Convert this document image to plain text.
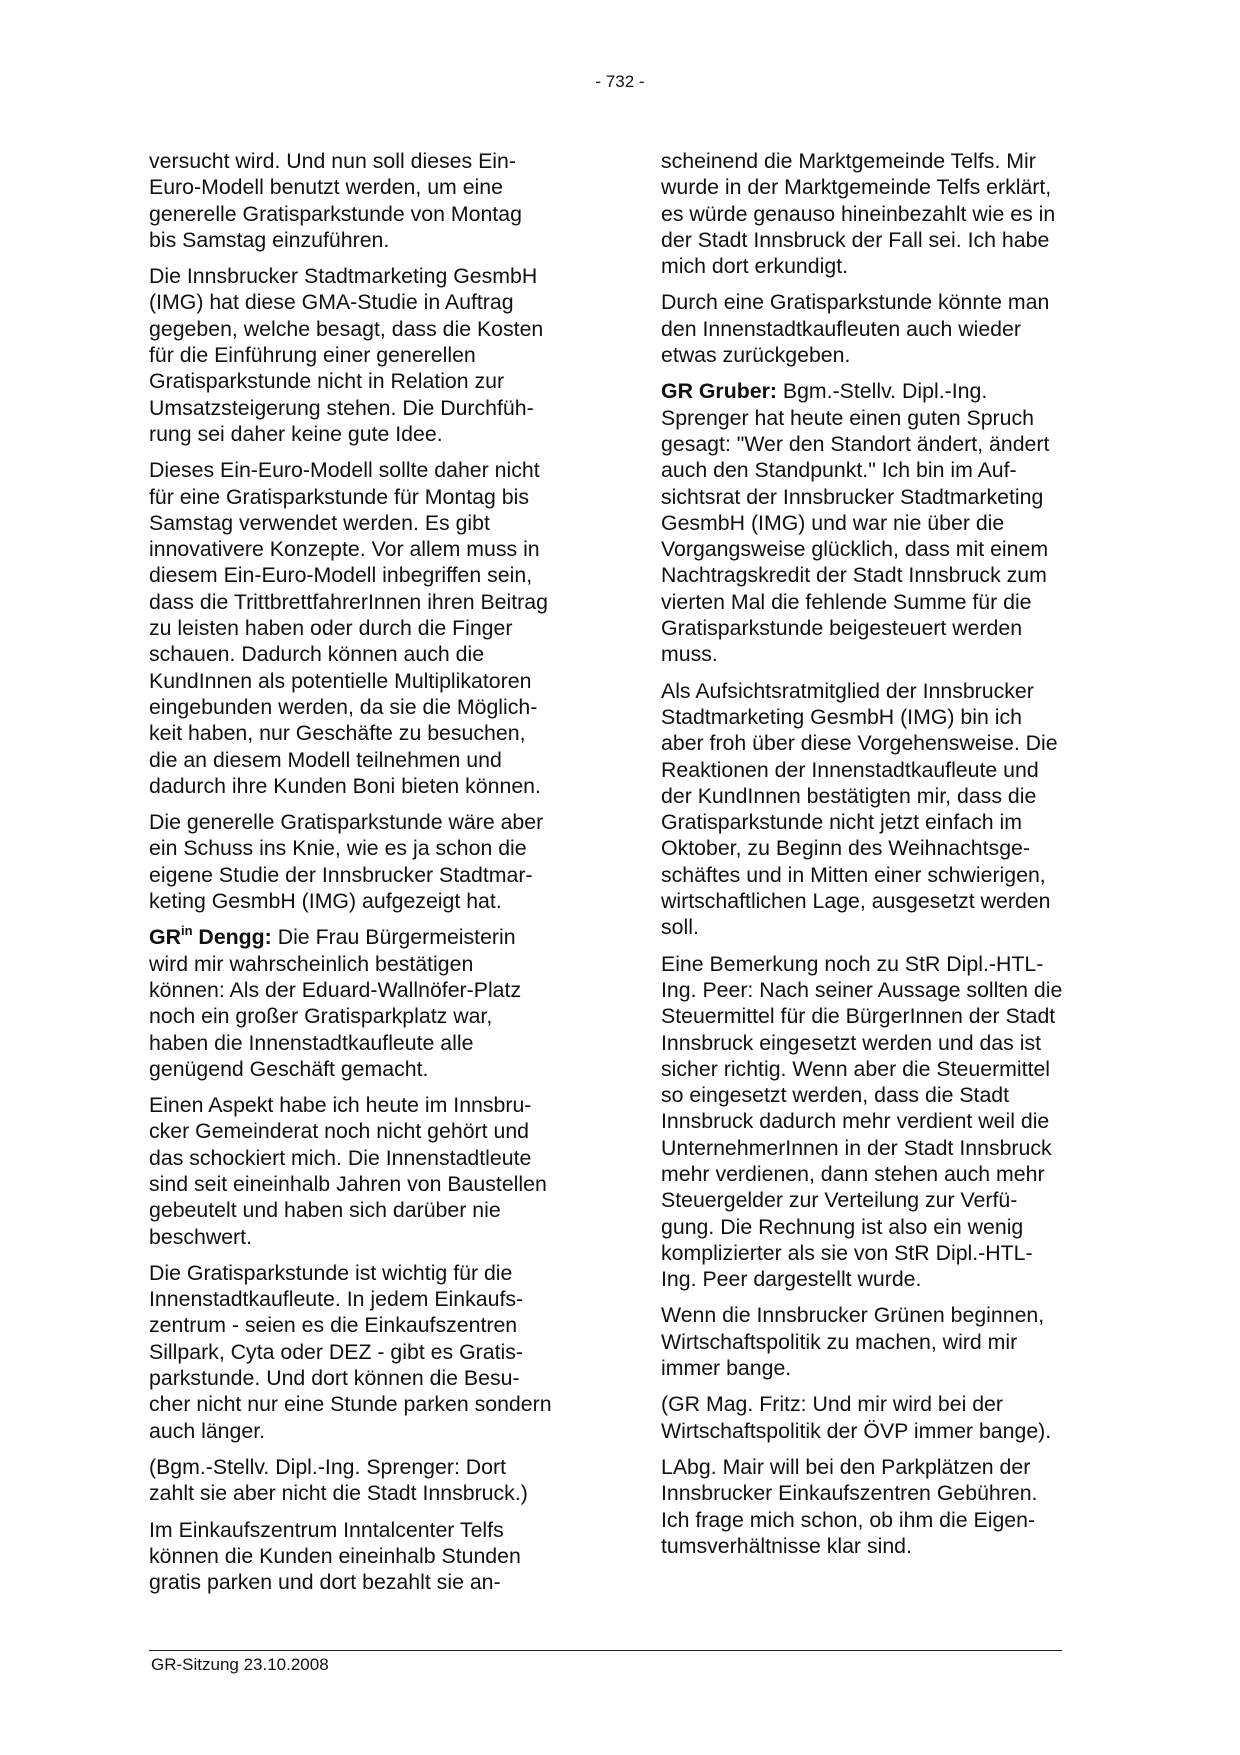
- 732 -

versucht wird. Und nun soll dieses Ein-
Euro-Modell benutzt werden, um eine
generelle Gratisparkstunde von Montag
bis Samstag einzuführen.

Die Innsbrucker Stadtmarketing GesmbH
(IMG) hat diese GMA-Studie in Auftrag
gegeben, welche besagt, dass die Kosten
für die Einführung einer generellen
Gratisparkstunde nicht in Relation zur
Umsatzsteigerung stehen. Die Durchfüh-
rung sei daher keine gute Idee.

Dieses Ein-Euro-Modell sollte daher nicht
für eine Gratisparkstunde für Montag bis
Samstag verwendet werden. Es gibt
innovativere Konzepte. Vor allem muss in
diesem Ein-Euro-Modell inbegriffen sein,
dass die TrittbrettfahrerInnen ihren Beitrag
zu leisten haben oder durch die Finger
schauen. Dadurch können auch die
KundInnen als potentielle Multiplikatoren
eingebunden werden, da sie die Möglich-
keit haben, nur Geschäfte zu besuchen,
die an diesem Modell teilnehmen und
dadurch ihre Kunden Boni bieten können.

Die generelle Gratisparkstunde wäre aber
ein Schuss ins Knie, wie es ja schon die
eigene Studie der Innsbrucker Stadtmar-
keting GesmbH (IMG) aufgezeigt hat.

$GR^{in}$ Dengg: Die Frau Bürgermeisterin
wird mir wahrscheinlich bestätigen
können: Als der Eduard-Wallnöfer-Platz
noch ein großer Gratisparkplatz war,
haben die Innenstadtkaufleute alle
genügend Geschäft gemacht.

Einen Aspekt habe ich heute im Innsbru-
cker Gemeinderat noch nicht gehört und
das schockiert mich. Die Innenstadtleute
sind seit eineinhalb Jahren von Baustellen
gebeutelt und haben sich darüber nie
beschwert.

Die Gratisparkstunde ist wichtig für die
Innenstadtkaufleute. In jedem Einkaufs-
zentrum - seien es die Einkaufszentren
Sillpark, Cyta oder DEZ - gibt es Gratis-
parkstunde. Und dort können die Besu-
cher nicht nur eine Stunde parken sondern
auch länger.

(Bgm.-Stellv. Dipl.-Ing. Sprenger: Dort
zahlt sie aber nicht die Stadt Innsbruck.)

Im Einkaufszentrum Inntalcenter Telfs
können die Kunden eineinhalb Stunden
gratis parken und dort bezahlt sie an-

scheinend die Marktgemeinde Telfs. Mir
wurde in der Marktgemeinde Telfs erklärt,
es würde genauso hineinbezahlt wie es in
der Stadt Innsbruck der Fall sei. Ich habe
mich dort erkundigt.

Durch eine Gratisparkstunde könnte man
den Innenstadtkaufleuten auch wieder
etwas zurückgeben.

GR Gruber: Bgm.-Stellv. Dipl.-Ing.
Sprenger hat heute einen guten Spruch
gesagt: "Wer den Standort ändert, ändert
auch den Standpunkt." Ich bin im Auf-
sichtsrat der Innsbrucker Stadtmarketing
GesmbH (IMG) und war nie über die
Vorgangsweise glücklich, dass mit einem
Nachtragskredit der Stadt Innsbruck zum
vierten Mal die fehlende Summe für die
Gratisparkstunde beigesteuert werden
muss.

Als Aufsichtsratmitglied der Innsbrucker
Stadtmarketing GesmbH (IMG) bin ich
aber froh über diese Vorgehensweise. Die
Reaktionen der Innenstadtkaufleute und
der KundInnen bestätigten mir, dass die
Gratisparkstunde nicht jetzt einfach im
Oktober, zu Beginn des Weihnachtsge-
schäftes und in Mitten einer schwierigen,
wirtschaftlichen Lage, ausgesetzt werden
soll.

Eine Bemerkung noch zu StR Dipl.-HTL-
Ing. Peer: Nach seiner Aussage sollten die
Steuermittel für die BürgerInnen der Stadt
Innsbruck eingesetzt werden und das ist
sicher richtig. Wenn aber die Steuermittel
so eingesetzt werden, dass die Stadt
Innsbruck dadurch mehr verdient weil die
UnternehmerInnen in der Stadt Innsbruck
mehr verdienen, dann stehen auch mehr
Steuergelder zur Verteilung zur Verfü-
gung. Die Rechnung ist also ein wenig
komplizierter als sie von StR Dipl.-HTL-
Ing. Peer dargestellt wurde.

Wenn die Innsbrucker Grünen beginnen,
Wirtschaftspolitik zu machen, wird mir
immer bange.

(GR Mag. Fritz: Und mir wird bei der
Wirtschaftspolitik der ÖVP immer bange).

LAbg. Mair will bei den Parkplätzen der
Innsbrucker Einkaufszentren Gebühren.
Ich frage mich schon, ob ihm die Eigen-
tumsverhältnisse klar sind.

GR-Sitzung 23.10.2008
